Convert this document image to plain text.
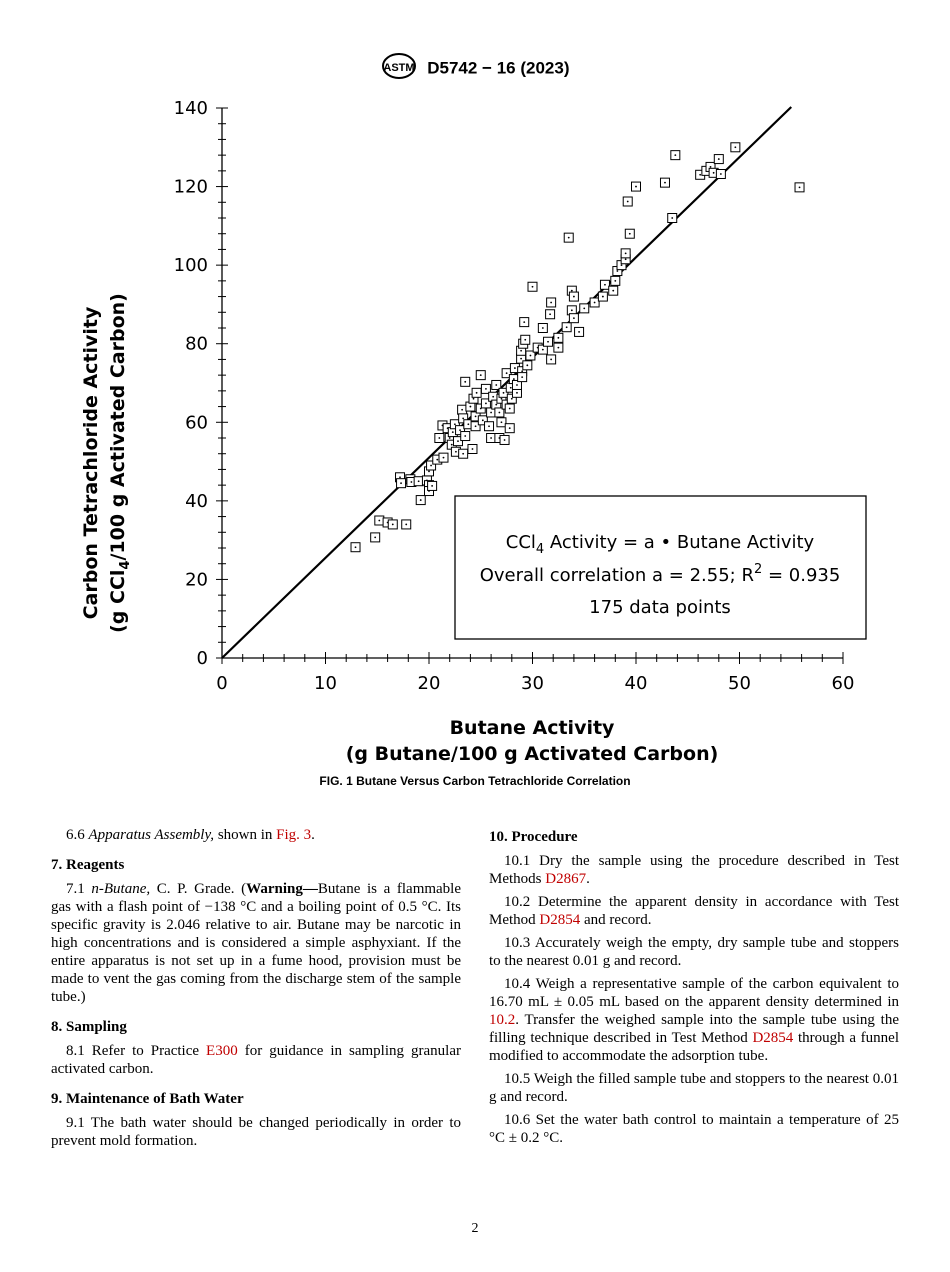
ASTM D5742 − 16 (2023)
0	10	20	30	40	50	60
0
20
40
60
80
100
120
140
CCl$_4$ Activity = a • Butane Activity
Overall correlation a = 2.55; $R^2 = 0.935$
175 data points
Butane Activity
(g Butane/100 g Activated Carbon)
Carbon Tetrachloride Activity (g CCl$_4$/100 g Activated Carbon)
FIG. 1 Butane Versus Carbon Tetrachloride Correlation

6.6 Apparatus Assembly, shown in Fig. 3.

7. Reagents

7.1 n-Butane, C. P. Grade. (Warning—Butane is a flammable gas with a flash point of −138 °C and a boiling point of 0.5 °C. Its specific gravity is 2.046 relative to air. Butane may be narcotic in high concentrations and is considered a simple asphyxiant. If the entire apparatus is not set up in a fume hood, provision must be made to vent the gas coming from the discharge stem of the sample tube.)

8. Sampling

8.1 Refer to Practice E300 for guidance in sampling granular activated carbon.

9. Maintenance of Bath Water

9.1 The bath water should be changed periodically in order to prevent mold formation.

10. Procedure

10.1 Dry the sample using the procedure described in Test Methods D2867.

10.2 Determine the apparent density in accordance with Test Method D2854 and record.

10.3 Accurately weigh the empty, dry sample tube and stoppers to the nearest 0.01 g and record.

10.4 Weigh a representative sample of the carbon equivalent to 16.70 mL ± 0.05 mL based on the apparent density determined in 10.2. Transfer the weighed sample into the sample tube using the filling technique described in Test Method D2854 through a funnel modified to accommodate the adsorption tube.

10.5 Weigh the filled sample tube and stoppers to the nearest 0.01 g and record.

10.6 Set the water bath control to maintain a temperature of 25 °C ± 0.2 °C.

2
